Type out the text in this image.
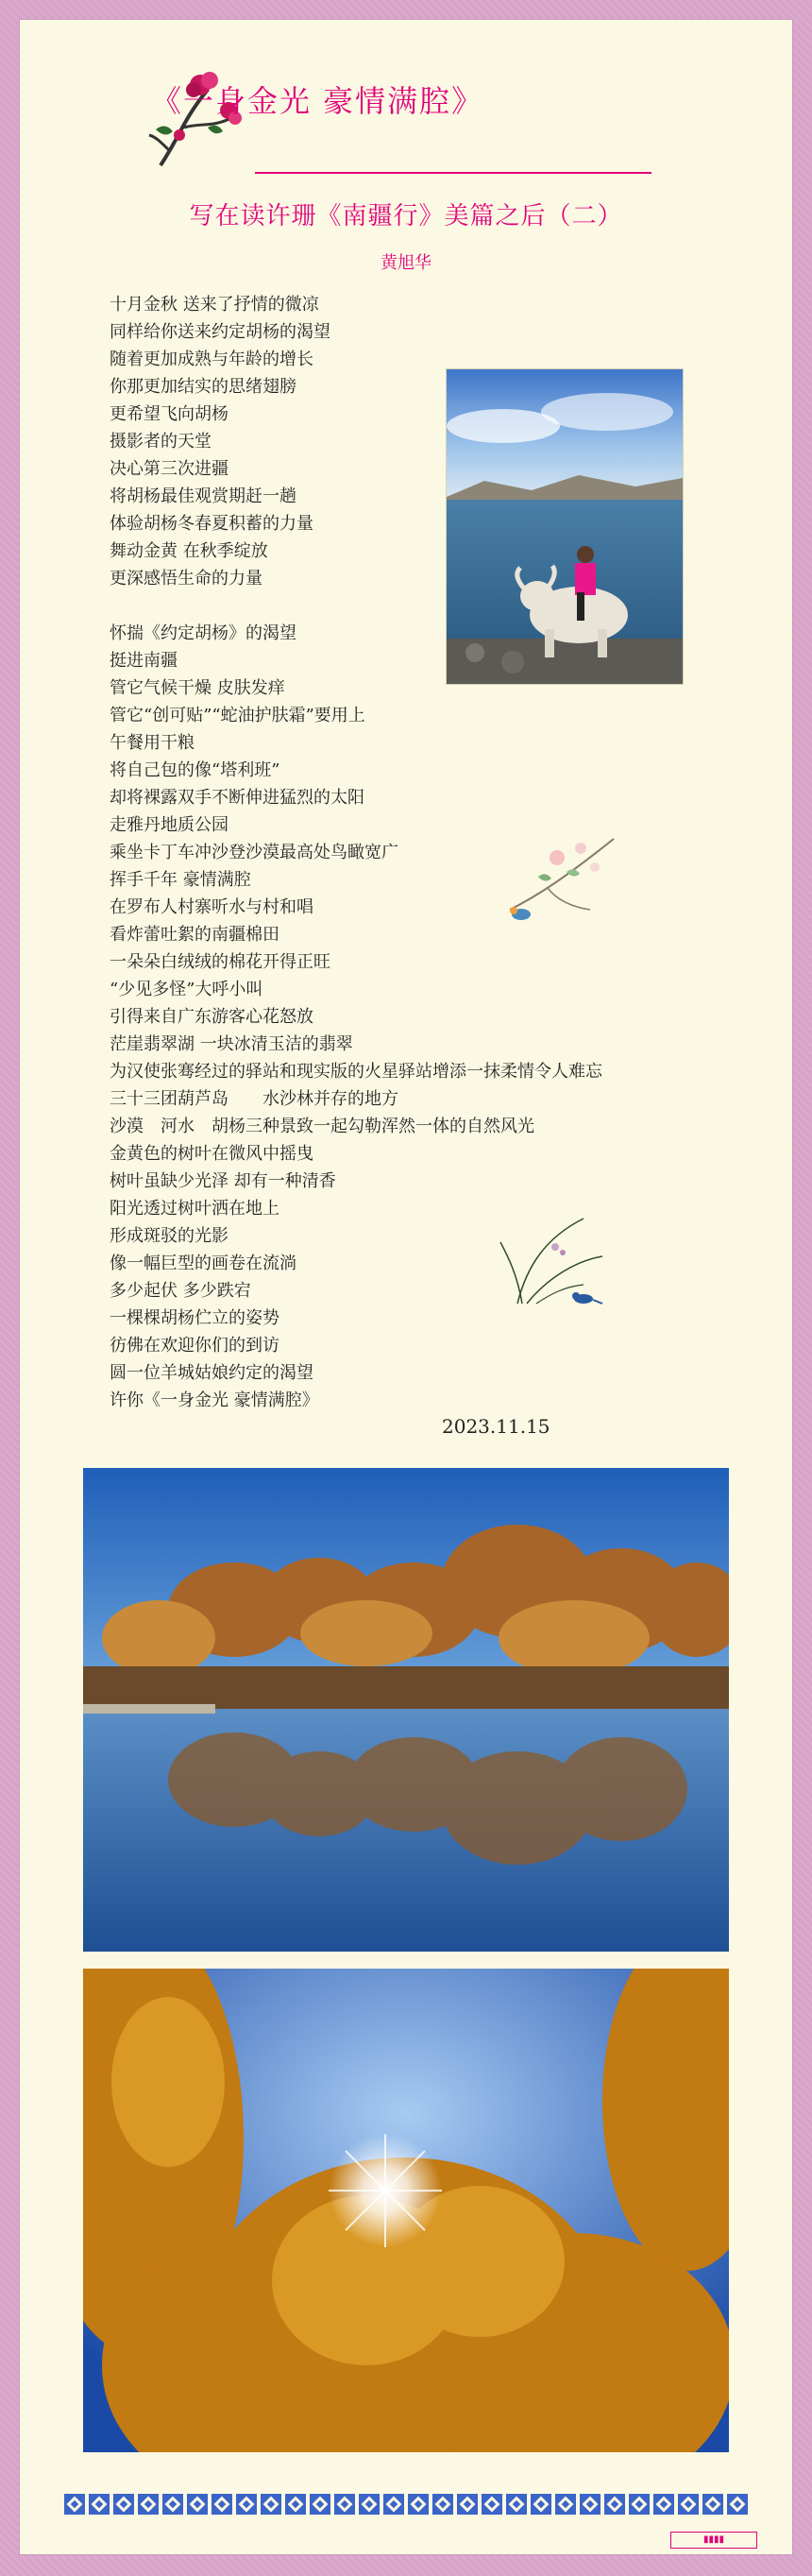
《一身金光 豪情满腔》
写在读许珊《南疆行》美篇之后（二）
黄旭华
十月金秋 送来了抒情的微凉
同样给你送来约定胡杨的渴望
随着更加成熟与年龄的增长
你那更加结实的思绪翅膀
更希望飞向胡杨
摄影者的天堂
决心第三次进疆
将胡杨最佳观赏期赶一趟
体验胡杨冬春夏积蓄的力量
舞动金黄 在秋季绽放
更深感悟生命的力量
怀揣《约定胡杨》的渴望
挺进南疆
管它气候干燥 皮肤发痒
管它“创可贴”“蛇油护肤霜”要用上
午餐用干粮
将自己包的像“塔利班”
却将裸露双手不断伸进猛烈的太阳
走雅丹地质公园
乘坐卡丁车冲沙登沙漠最高处鸟瞰宽广
挥手千年 豪情满腔
在罗布人村寨听水与村和唱
看炸蕾吐絮的南疆棉田
一朵朵白绒绒的棉花开得正旺
“少见多怪”大呼小叫
引得来自广东游客心花怒放
茫崖翡翠湖 一块冰清玉洁的翡翠
为汉使张骞经过的驿站和现实版的火星驿站增添一抹柔情令人难忘
三十三团葫芦岛　　水沙林并存的地方
沙漠　河水　胡杨三种景致一起勾勒浑然一体的自然风光
金黄色的树叶在微风中摇曳
树叶虽缺少光泽 却有一种清香
阳光透过树叶洒在地上
形成斑驳的光影
像一幅巨型的画卷在流淌
多少起伏 多少跌宕
一棵棵胡杨伫立的姿势
彷佛在欢迎你们的到访
圆一位羊城姑娘约定的渴望
许你《一身金光 豪情满腔》
2023.11.15
▮▮▮▮
